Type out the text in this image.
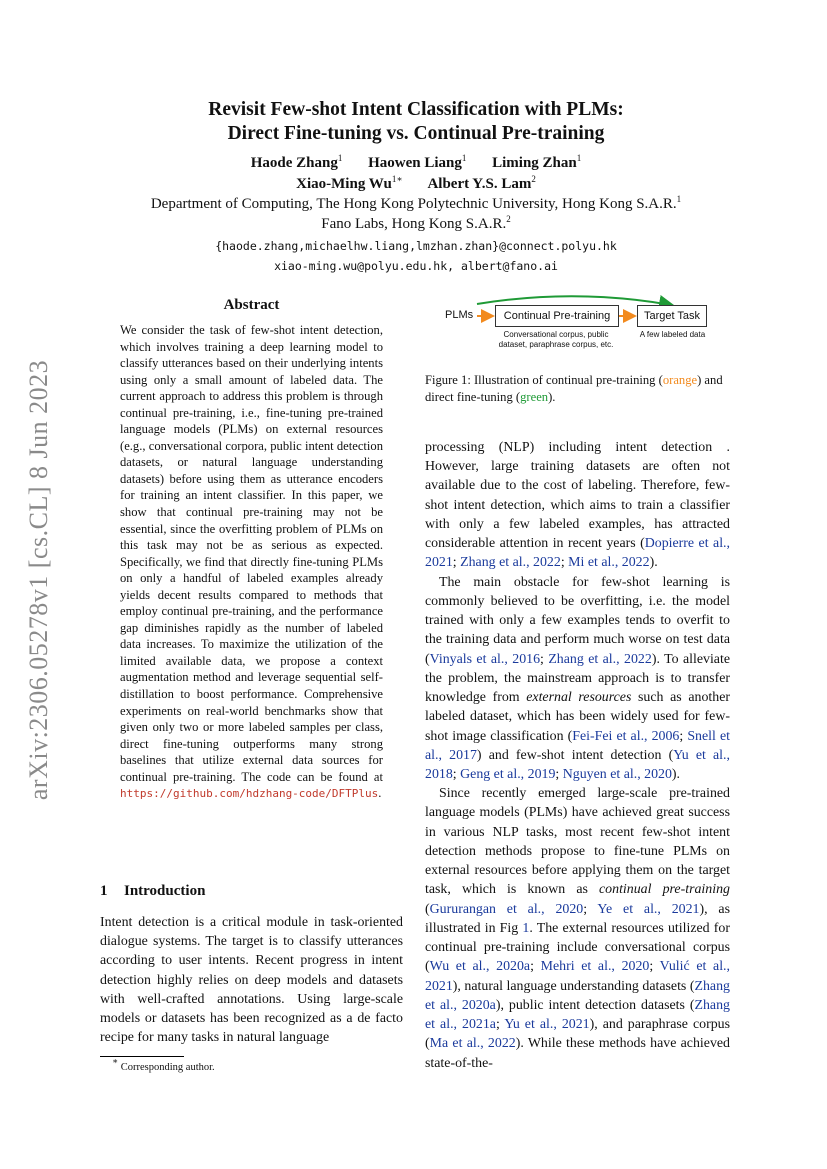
arXiv:2306.05278v1 [cs.CL] 8 Jun 2023
Revisit Few-shot Intent Classification with PLMs:
Direct Fine-tuning vs. Continual Pre-training
Haode Zhang$^1$ Haowen Liang$^1$ Liming Zhan$^1$
Xiao-Ming $Wu^{1∗}$ Albert Y.S. Lam$^2$
Department of Computing, The Hong Kong Polytechnic University, Hong Kong S.A.R.$^1$
Fano Labs, Hong Kong S.A.R.$^2$
{haode.zhang,michaelhw.liang,lmzhan.zhan}@connect.polyu.hk
xiao-ming.wu@polyu.edu.hk, albert@fano.ai
Abstract
We consider the task of few-shot intent detection, which involves training a deep learning model to classify utterances based on their underlying intents using only a small amount of labeled data. The current approach to address this problem is through continual pre-training, i.e., fine-tuning pre-trained language models (PLMs) on external resources (e.g., conversational corpora, public intent detection datasets, or natural language understanding datasets) before using them as utterance encoders for training an intent classifier. In this paper, we show that continual pre-training may not be essential, since the overfitting problem of PLMs on this task may not be as serious as expected. Specifically, we find that directly fine-tuning PLMs on only a handful of labeled examples already yields decent results compared to methods that employ continual pre-training, and the performance gap diminishes rapidly as the number of labeled data increases. To maximize the utilization of the limited available data, we propose a context augmentation method and leverage sequential self-distillation to boost performance. Comprehensive experiments on real-world benchmarks show that given only two or more labeled samples per class, direct fine-tuning outperforms many strong baselines that utilize external data sources for continual pre-training. The code can be found at https://github.com/hdzhang-code/DFTPlus.
1 Introduction
Intent detection is a critical module in task-oriented dialogue systems. The target is to classify utterances according to user intents. Recent progress in intent detection highly relies on deep models and datasets with well-crafted annotations. Using large-scale models or datasets has been recognized as a de facto recipe for many tasks in natural language
∗ Corresponding author.
PLMs	Continual Pre-training	Target Task
Conversational corpus, public
dataset, paraphrase corpus, etc.
A few labeled data
Figure 1: Illustration of continual pre-training (orange) and direct fine-tuning (green).

processing (NLP) including intent detection . However, large training datasets are often not available due to the cost of labeling. Therefore, few-shot intent detection, which aims to train a classifier with only a few labeled examples, has attracted considerable attention in recent years (Dopierre et al., 2021; Zhang et al., 2022; Mi et al., 2022).

The main obstacle for few-shot learning is commonly believed to be overfitting, i.e. the model trained with only a few examples tends to overfit to the training data and perform much worse on test data (Vinyals et al., 2016; Zhang et al., 2022). To alleviate the problem, the mainstream approach is to transfer knowledge from external resources such as another labeled dataset, which has been widely used for few-shot image classification (Fei-Fei et al., 2006; Snell et al., 2017) and few-shot intent detection (Yu et al., 2018; Geng et al., 2019; Nguyen et al., 2020).

Since recently emerged large-scale pre-trained language models (PLMs) have achieved great success in various NLP tasks, most recent few-shot intent detection methods propose to fine-tune PLMs on external resources before applying them on the target task, which is known as continual pre-training (Gururangan et al., 2020; Ye et al., 2021), as illustrated in Fig 1. The external resources utilized for continual pre-training include conversational corpus (Wu et al., 2020a; Mehri et al., 2020; Vulić et al., 2021), natural language understanding datasets (Zhang et al., 2020a), public intent detection datasets (Zhang et al., 2021a; Yu et al., 2021), and paraphrase corpus (Ma et al., 2022). While these methods have achieved state-of-the-
